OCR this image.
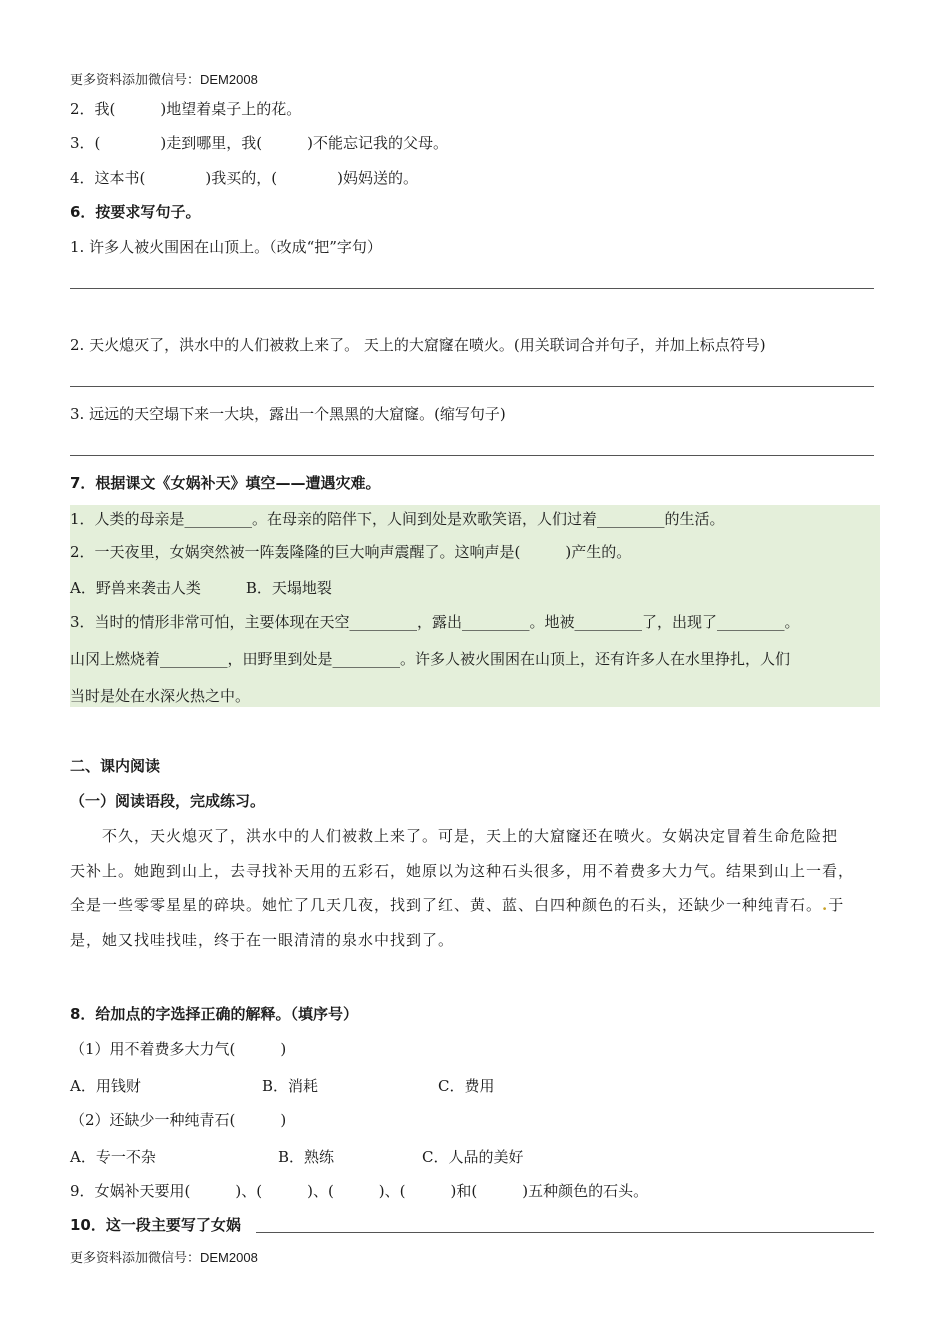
更多资料添加微信号：DEM2008
2．我(　　　)地望着桌子上的花。
3．(　　　　)走到哪里，我(　　　)不能忘记我的父母。
4．这本书(　　　　)我买的，(　　　　)妈妈送的。
6．按要求写句子。
1. 许多人被火围困在山顶上。（改成“把”字句）
2. 天火熄灭了，洪水中的人们被救上来了。 天上的大窟窿在喷火。(用关联词合并句子，并加上标点符号)
3. 远远的天空塌下来一大块，露出一个黑黑的大窟窿。(缩写句子)
7．根据课文《女娲补天》填空——遭遇灾难。
1．人类的母亲是_________。在母亲的陪伴下，人间到处是欢歌笑语，人们过着_________的生活。
2．一天夜里，女娲突然被一阵轰隆隆的巨大响声震醒了。这响声是(　　　)产生的。
A．野兽来袭击人类　　　B．天塌地裂
3．当时的情形非常可怕，主要体现在天空_________，露出_________。地被_________了，出现了_________。
山冈上燃烧着_________，田野里到处是_________。许多人被火围困在山顶上，还有许多人在水里挣扎，人们
当时是处在水深火热之中。
二、课内阅读
（一）阅读语段，完成练习。
　　不久，天火熄灭了，洪水中的人们被救上来了。可是，天上的大窟窿还在喷火。女娲决定冒着生命危险把
天补上。她跑到山上，去寻找补天用的五彩石，她原以为这种石头很多，用不着费多大力气。结果到山上一看，
全是一些零零星星的碎块。她忙了几天几夜，找到了红、黄、蓝、白四种颜色的石头，还缺少一种纯青石。.于
是，她又找哇找哇，终于在一眼清清的泉水中找到了。
8．给加点的字选择正确的解释。（填序号）
（1）用不着费多大力气(　　　)
A．用钱财	B．消耗	C．费用
（2）还缺少一种纯青石(　　　)
A．专一不杂	B．熟练	C．人品的美好
9．女娲补天要用(　　　)、(　　　)、(　　　)、(　　　)和(　　　)五种颜色的石头。
10．这一段主要写了女娲
更多资料添加微信号：DEM2008
